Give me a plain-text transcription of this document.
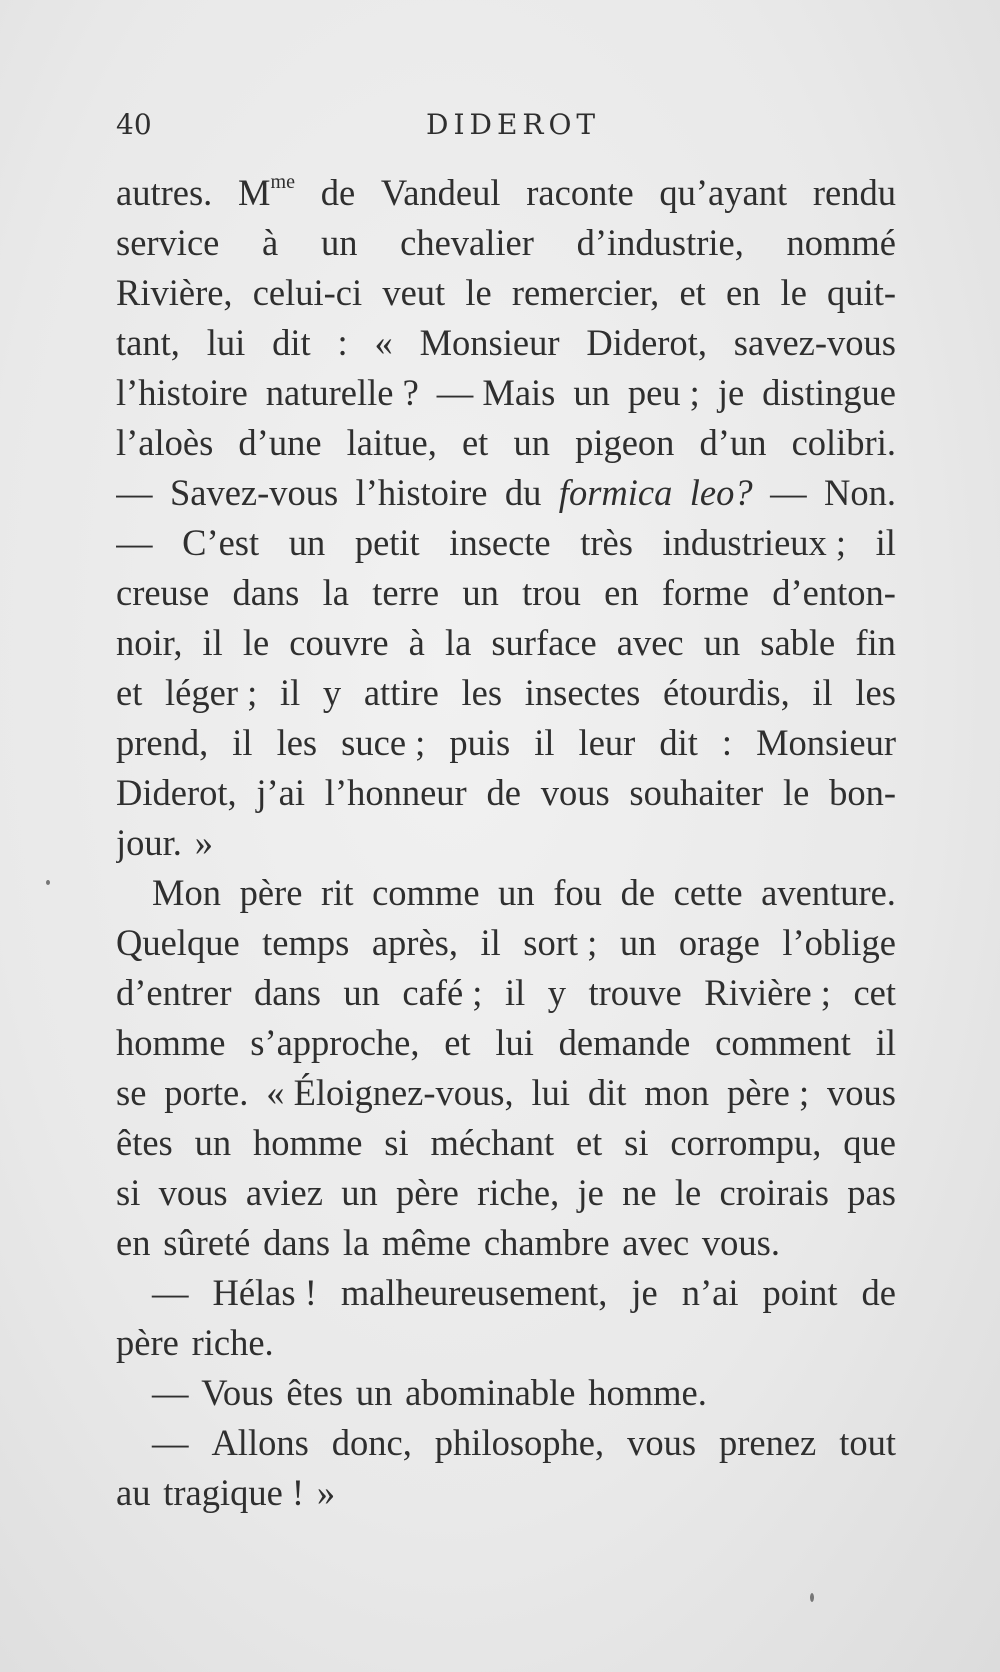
40	DIDEROT
autres. $M^{me}$ de Vandeul raconte qu’ayant rendu
service à un chevalier d’industrie, nommé
Rivière, celui-ci veut le remercier, et en le quit-
tant, lui dit : « Monsieur Diderot, savez-vous
l’histoire naturelle ? — Mais un peu ; je distingue
l’aloès d’une laitue, et un pigeon d’un colibri.
— Savez-vous l’histoire du formica leo? — Non.
— C’est un petit insecte très industrieux ; il
creuse dans la terre un trou en forme d’enton-
noir, il le couvre à la surface avec un sable fin
et léger ; il y attire les insectes étourdis, il les
prend, il les suce ; puis il leur dit : Monsieur
Diderot, j’ai l’honneur de vous souhaiter le bon-
jour. »
Mon père rit comme un fou de cette aventure.
Quelque temps après, il sort ; un orage l’oblige
d’entrer dans un café ; il y trouve Rivière ; cet
homme s’approche, et lui demande comment il
se porte. « Éloignez-vous, lui dit mon père ; vous
êtes un homme si méchant et si corrompu, que
si vous aviez un père riche, je ne le croirais pas
en sûreté dans la même chambre avec vous.
— Hélas ! malheureusement, je n’ai point de
père riche.
— Vous êtes un abominable homme.
— Allons donc, philosophe, vous prenez tout
au tragique ! »
